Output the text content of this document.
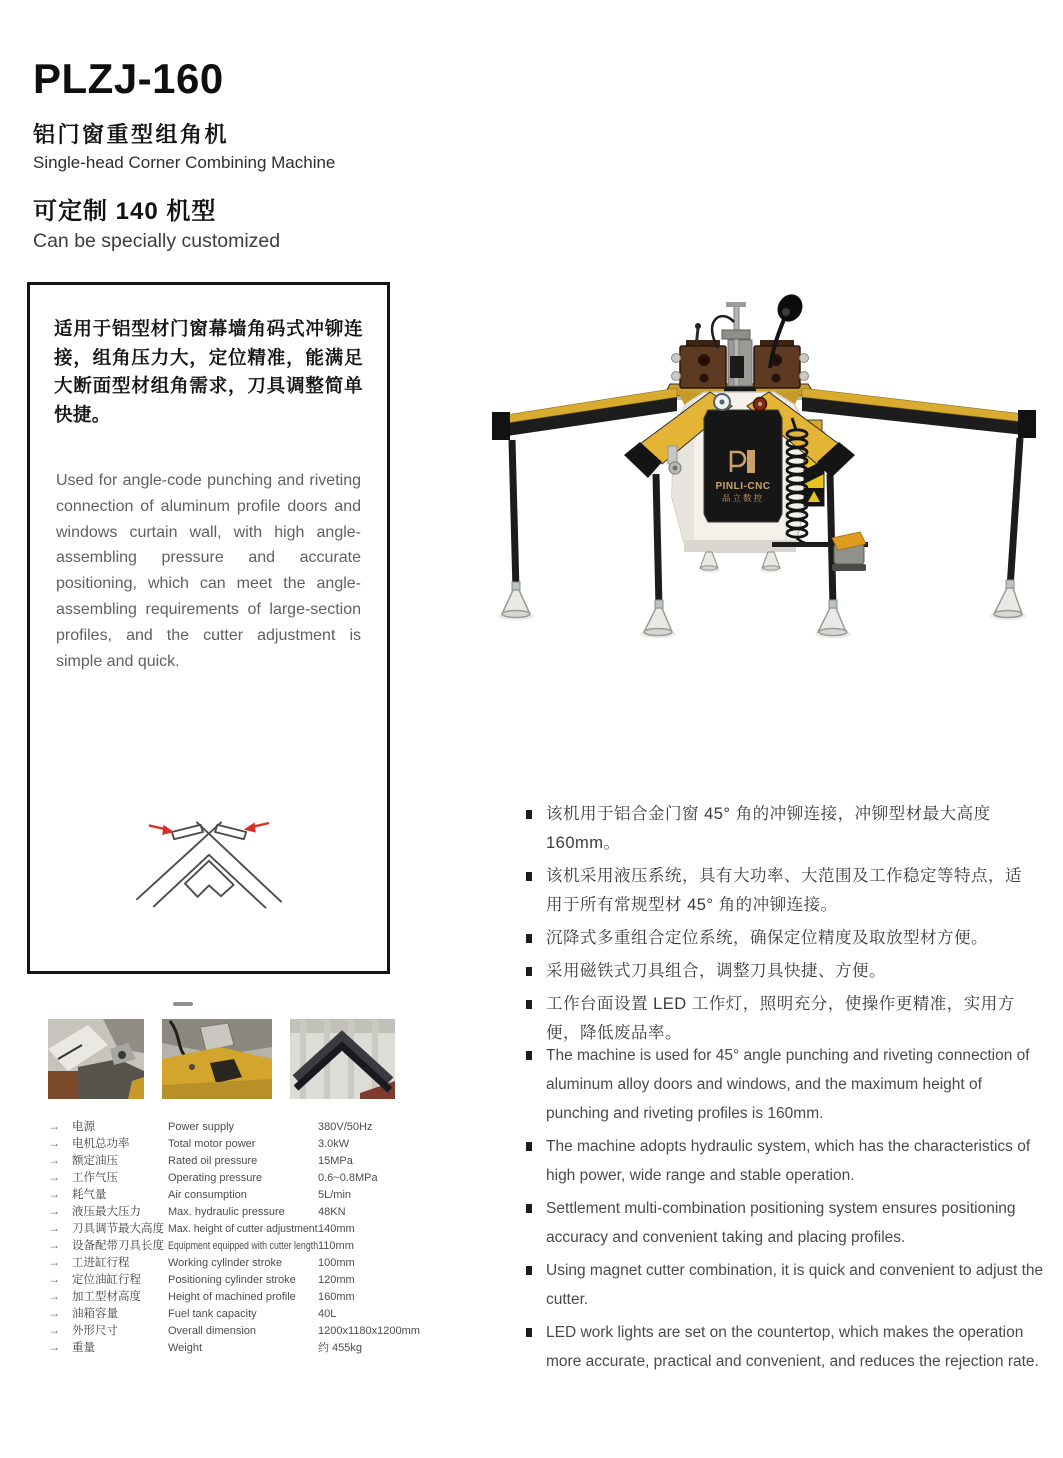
PLZJ-160
铝门窗重型组角机
Single-head Corner Combining Machine
可定制 140 机型
Can be specially customized

适用于铝型材门窗幕墙角码式冲铆连接，组角压力大，定位精准，能满足大断面型材组角需求，刀具调整简单快捷。

Used for angle-code punching and riveting connection of aluminum profile doors and windows curtain wall, with high angle-assembling pressure and accurate positioning, which can meet the angle-assembling requirements of large-section profiles, and the cutter adjustment is simple and quick.

PINLI-CNC
品立数控
该机用于铝合金门窗 45° 角的冲铆连接，冲铆型材最大高度 160mm。
该机采用液压系统，具有大功率、大范围及工作稳定等特点，适用于所有常规型材 45° 角的冲铆连接。
沉降式多重组合定位系统，确保定位精度及取放型材方便。
采用磁铁式刀具组合，调整刀具快捷、方便。
工作台面设置 LED 工作灯，照明充分，使操作更精准，实用方便，降低废品率。
The machine is used for 45° angle punching and riveting connection of aluminum alloy doors and windows, and the maximum height of punching and riveting profiles is 160mm.
The machine adopts hydraulic system, which has the characteristics of high power, wide range and stable operation.
Settlement multi-combination positioning system ensures positioning accuracy and convenient taking and placing profiles.
Using magnet cutter combination, it is quick and convenient to adjust the cutter.
LED work lights are set on the countertop, which makes the operation more accurate, practical and convenient, and reduces the rejection rate.
→	电源	Power supply	380V/50Hz
→	电机总功率	Total motor power	3.0kW
→	额定油压	Rated oil pressure	15MPa
→	工作气压	Operating pressure	0.6~0.8MPa
→	耗气量	Air consumption	5L/min
→	液压最大压力	Max. hydraulic pressure	48KN
→	刀具调节最大高度 Max. height of cutter adjustment 140mm
→	设备配带刀具长度 Equipment equipped with cutter length 110mm
→	工进缸行程	Working cylinder stroke	100mm
→	定位油缸行程	Positioning cylinder stroke	120mm
→	加工型材高度	Height of machined profile	160mm
→	油箱容量	Fuel tank capacity	40L
→	外形尺寸	Overall dimension	1200x1180x1200mm
→	重量	Weight	约 455kg
